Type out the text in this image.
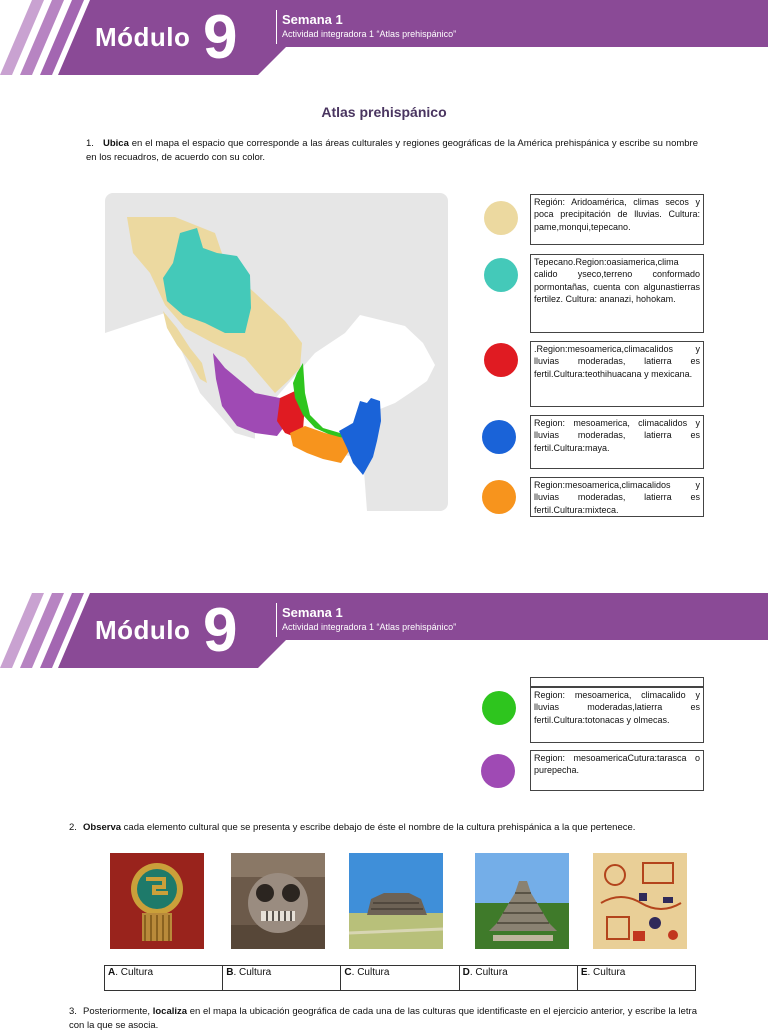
Módulo 9	Semana 1
Actividad integradora 1 “Atlas prehispánico”
Atlas prehispánico
1. Ubica en el mapa el espacio que corresponde a las áreas culturales y regiones geográficas de la América prehispánica y escribe su nombre en los recuadros, de acuerdo con su color.
Región: Aridoamérica, climas secos y poca precipitación de lluvias. Cultura: pame,monqui,tepecano.
Tepecano.Region:oasiamerica,clima calido yseco,terreno conformado pormontañas, cuenta con algunastierras fertilez. Cultura: ananazi, hohokam.
.Region:mesoamerica,climacalidos y lluvias moderadas, latierra es fertil.Cultura:teothihuacana y mexicana.
Region: mesoamerica, climacalidos y lluvias moderadas, latierra es fertil.Cultura:maya.
Region:mesoamerica,climacalidos y lluvias moderadas, latierra es fertil.Cultura:mixteca.
Módulo 9	Semana 1
Actividad integradora 1 “Atlas prehispánico”
Region: mesoamerica, climacalido y lluvias moderadas,latierra es fertil.Cultura:totonacas y olmecas.
Region: mesoamericaCutura:tarasca o purepecha.
2. Observa cada elemento cultural que se presenta y escribe debajo de éste el nombre de la cultura prehispánica a la que pertenece.
A. Cultura	B. Cultura	C. Cultura	D. Cultura	E. Cultura
3. Posteriormente, localiza en el mapa la ubicación geográfica de cada una de las culturas que identificaste en el ejercicio anterior, y escribe la letra con la que se asocia.
